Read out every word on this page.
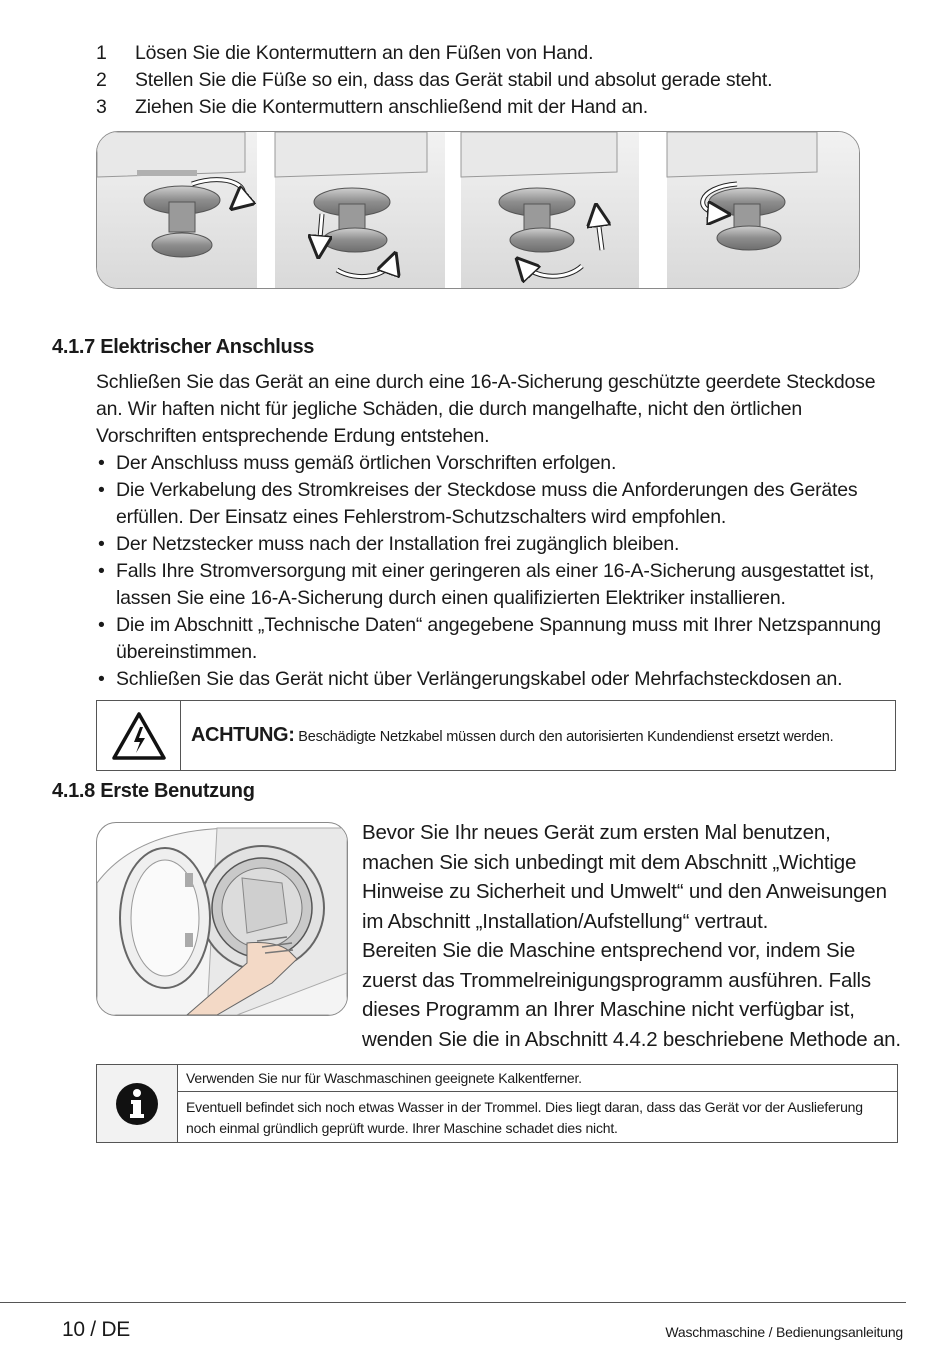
1	Lösen Sie die Kontermuttern an den Füßen von Hand.
2	Stellen Sie die Füße so ein, dass das Gerät stabil und absolut gerade steht.
3	Ziehen Sie die Kontermuttern anschließend mit der Hand an.
4.1.7 Elektrischer Anschluss
Schließen Sie das Gerät an eine durch eine 16-A-Sicherung geschützte geerdete Steckdose an. Wir haften nicht für jegliche Schäden, die durch mangelhafte, nicht den örtlichen Vorschriften entsprechende Erdung entstehen.
• Der Anschluss muss gemäß örtlichen Vorschriften erfolgen.
• Die Verkabelung des Stromkreises der Steckdose muss die Anforderungen des Gerätes erfüllen. Der Einsatz eines Fehlerstrom-Schutzschalters wird empfohlen.
• Der Netzstecker muss nach der Installation frei zugänglich bleiben.
• Falls Ihre Stromversorgung mit einer geringeren als einer 16-A-Sicherung ausgestattet ist, lassen Sie eine 16-A-Sicherung durch einen qualifizierten Elektriker installieren.
• Die im Abschnitt „Technische Daten“ angegebene Spannung muss mit Ihrer Netzspannung übereinstimmen.
• Schließen Sie das Gerät nicht über Verlängerungskabel oder Mehrfachsteckdosen an.
ACHTUNG: Beschädigte Netzkabel müssen durch den autorisierten Kundendienst ersetzt werden.
4.1.8 Erste Benutzung

Bevor Sie Ihr neues Gerät zum ersten Mal benutzen, machen Sie sich unbedingt mit dem Abschnitt „Wichtige Hinweise zu Sicherheit und Umwelt“ und den Anweisungen im Abschnitt „Installation/Aufstellung“ vertraut.

Bereiten Sie die Maschine entsprechend vor, indem Sie zuerst das Trommelreinigungsprogramm ausführen. Falls dieses Programm an Ihrer Maschine nicht verfügbar ist, wenden Sie die in Abschnitt 4.4.2 beschriebene Methode an.

Verwenden Sie nur für Waschmaschinen geeignete Kalkentferner.
Eventuell befindet sich noch etwas Wasser in der Trommel. Dies liegt daran, dass das Gerät vor der Auslieferung noch einmal gründlich geprüft wurde. Ihrer Maschine schadet dies nicht.
10 / DE	Waschmaschine / Bedienungsanleitung
